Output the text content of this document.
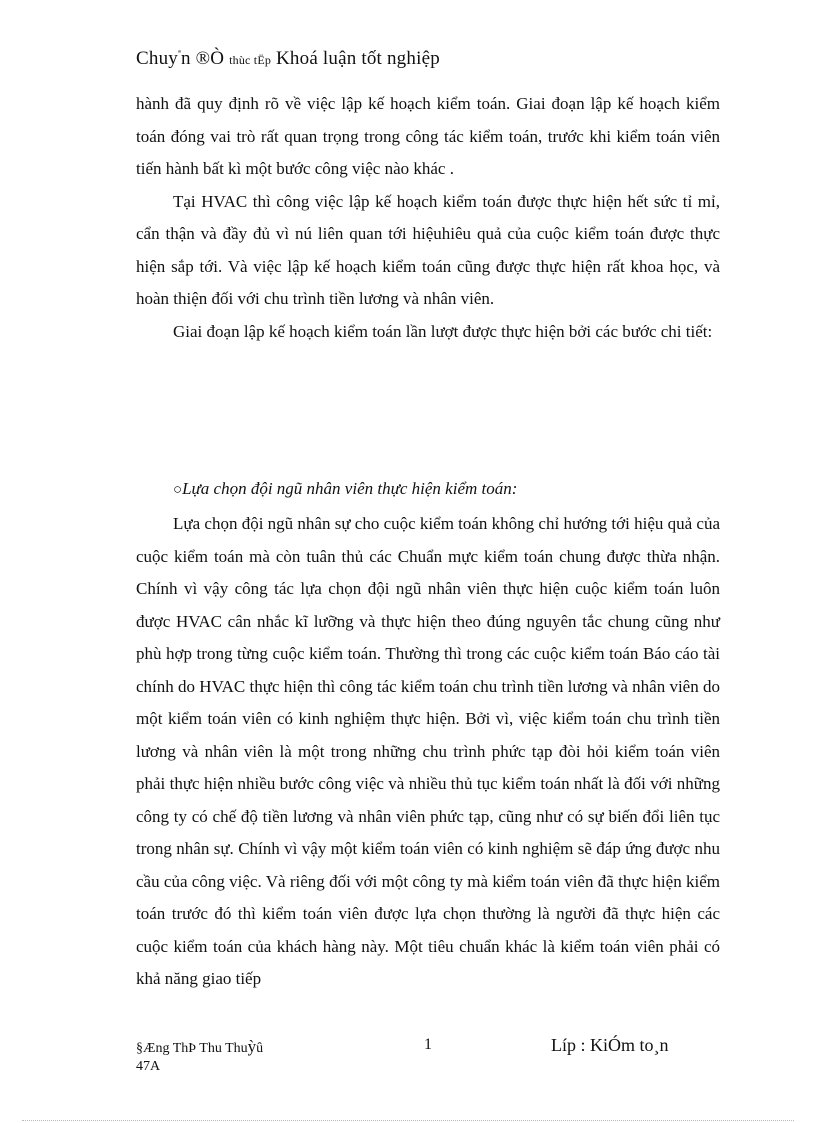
Chuy$^ª$n ®Ò thùc tËp Khoá luận tốt nghiệp

hành đã quy định rõ về việc lập kế hoạch kiểm toán. Giai đoạn lập kế hoạch kiểm toán đóng vai trò rất quan trọng trong công tác kiểm toán, trước khi kiểm toán viên tiến hành bất kì một bước công việc nào khác .

Tại HVAC thì công việc lập kế hoạch kiểm toán được thực hiện hết sức tỉ mỉ, cẩn thận và đầy đủ vì nú liên quan tới hiệuhiêu quả của cuộc kiểm toán được thực hiện sắp tới. Và việc lập kế hoạch kiểm toán cũng được thực hiện rất khoa học, và hoàn thiện đối với chu trình tiền lương và nhân viên.

Giai đoạn lập kế hoạch kiểm toán lần lượt được thực hiện bởi các bước chi tiết:

○Lựa chọn đội ngũ nhân viên thực hiện kiểm toán:

Lựa chọn đội ngũ nhân sự cho cuộc kiểm toán không chỉ hướng tới hiệu quả của cuộc kiểm toán mà còn tuân thủ các Chuẩn mực kiểm toán chung được thừa nhận. Chính vì vậy công tác lựa chọn đội ngũ nhân viên thực hiện cuộc kiểm toán luôn được HVAC cân nhắc kĩ lưỡng và thực hiện theo đúng nguyên tắc chung cũng như phù hợp trong từng cuộc kiểm toán. Thường thì trong các cuộc kiểm toán Báo cáo tài chính do HVAC thực hiện thì công tác kiểm toán chu trình tiền lương và nhân viên do một kiểm toán viên có kinh nghiệm thực hiện. Bởi vì, việc kiểm toán chu trình tiền lương và nhân viên là một trong những chu trình phức tạp đòi hỏi kiểm toán viên phải thực hiện nhiều bước công việc và nhiều thủ tục kiểm toán nhất là đối với những công ty có chế độ tiền lương và nhân viên phức tạp, cũng như có sự biến đổi liên tục trong nhân sự. Chính vì vậy một kiểm toán viên có kinh nghiệm sẽ đáp ứng được nhu cầu của công việc. Và riêng đối với một công ty mà kiểm toán viên đã thực hiện kiểm toán trước đó thì kiểm toán viên được lựa chọn thường là người đã thực hiện các cuộc kiểm toán của khách hàng này. Một tiêu chuẩn khác là kiểm toán viên phải có khả năng giao tiếp

§Æng ThÞ Thu Thuỳû
47A
1	Líp : KiÓm to¸n
